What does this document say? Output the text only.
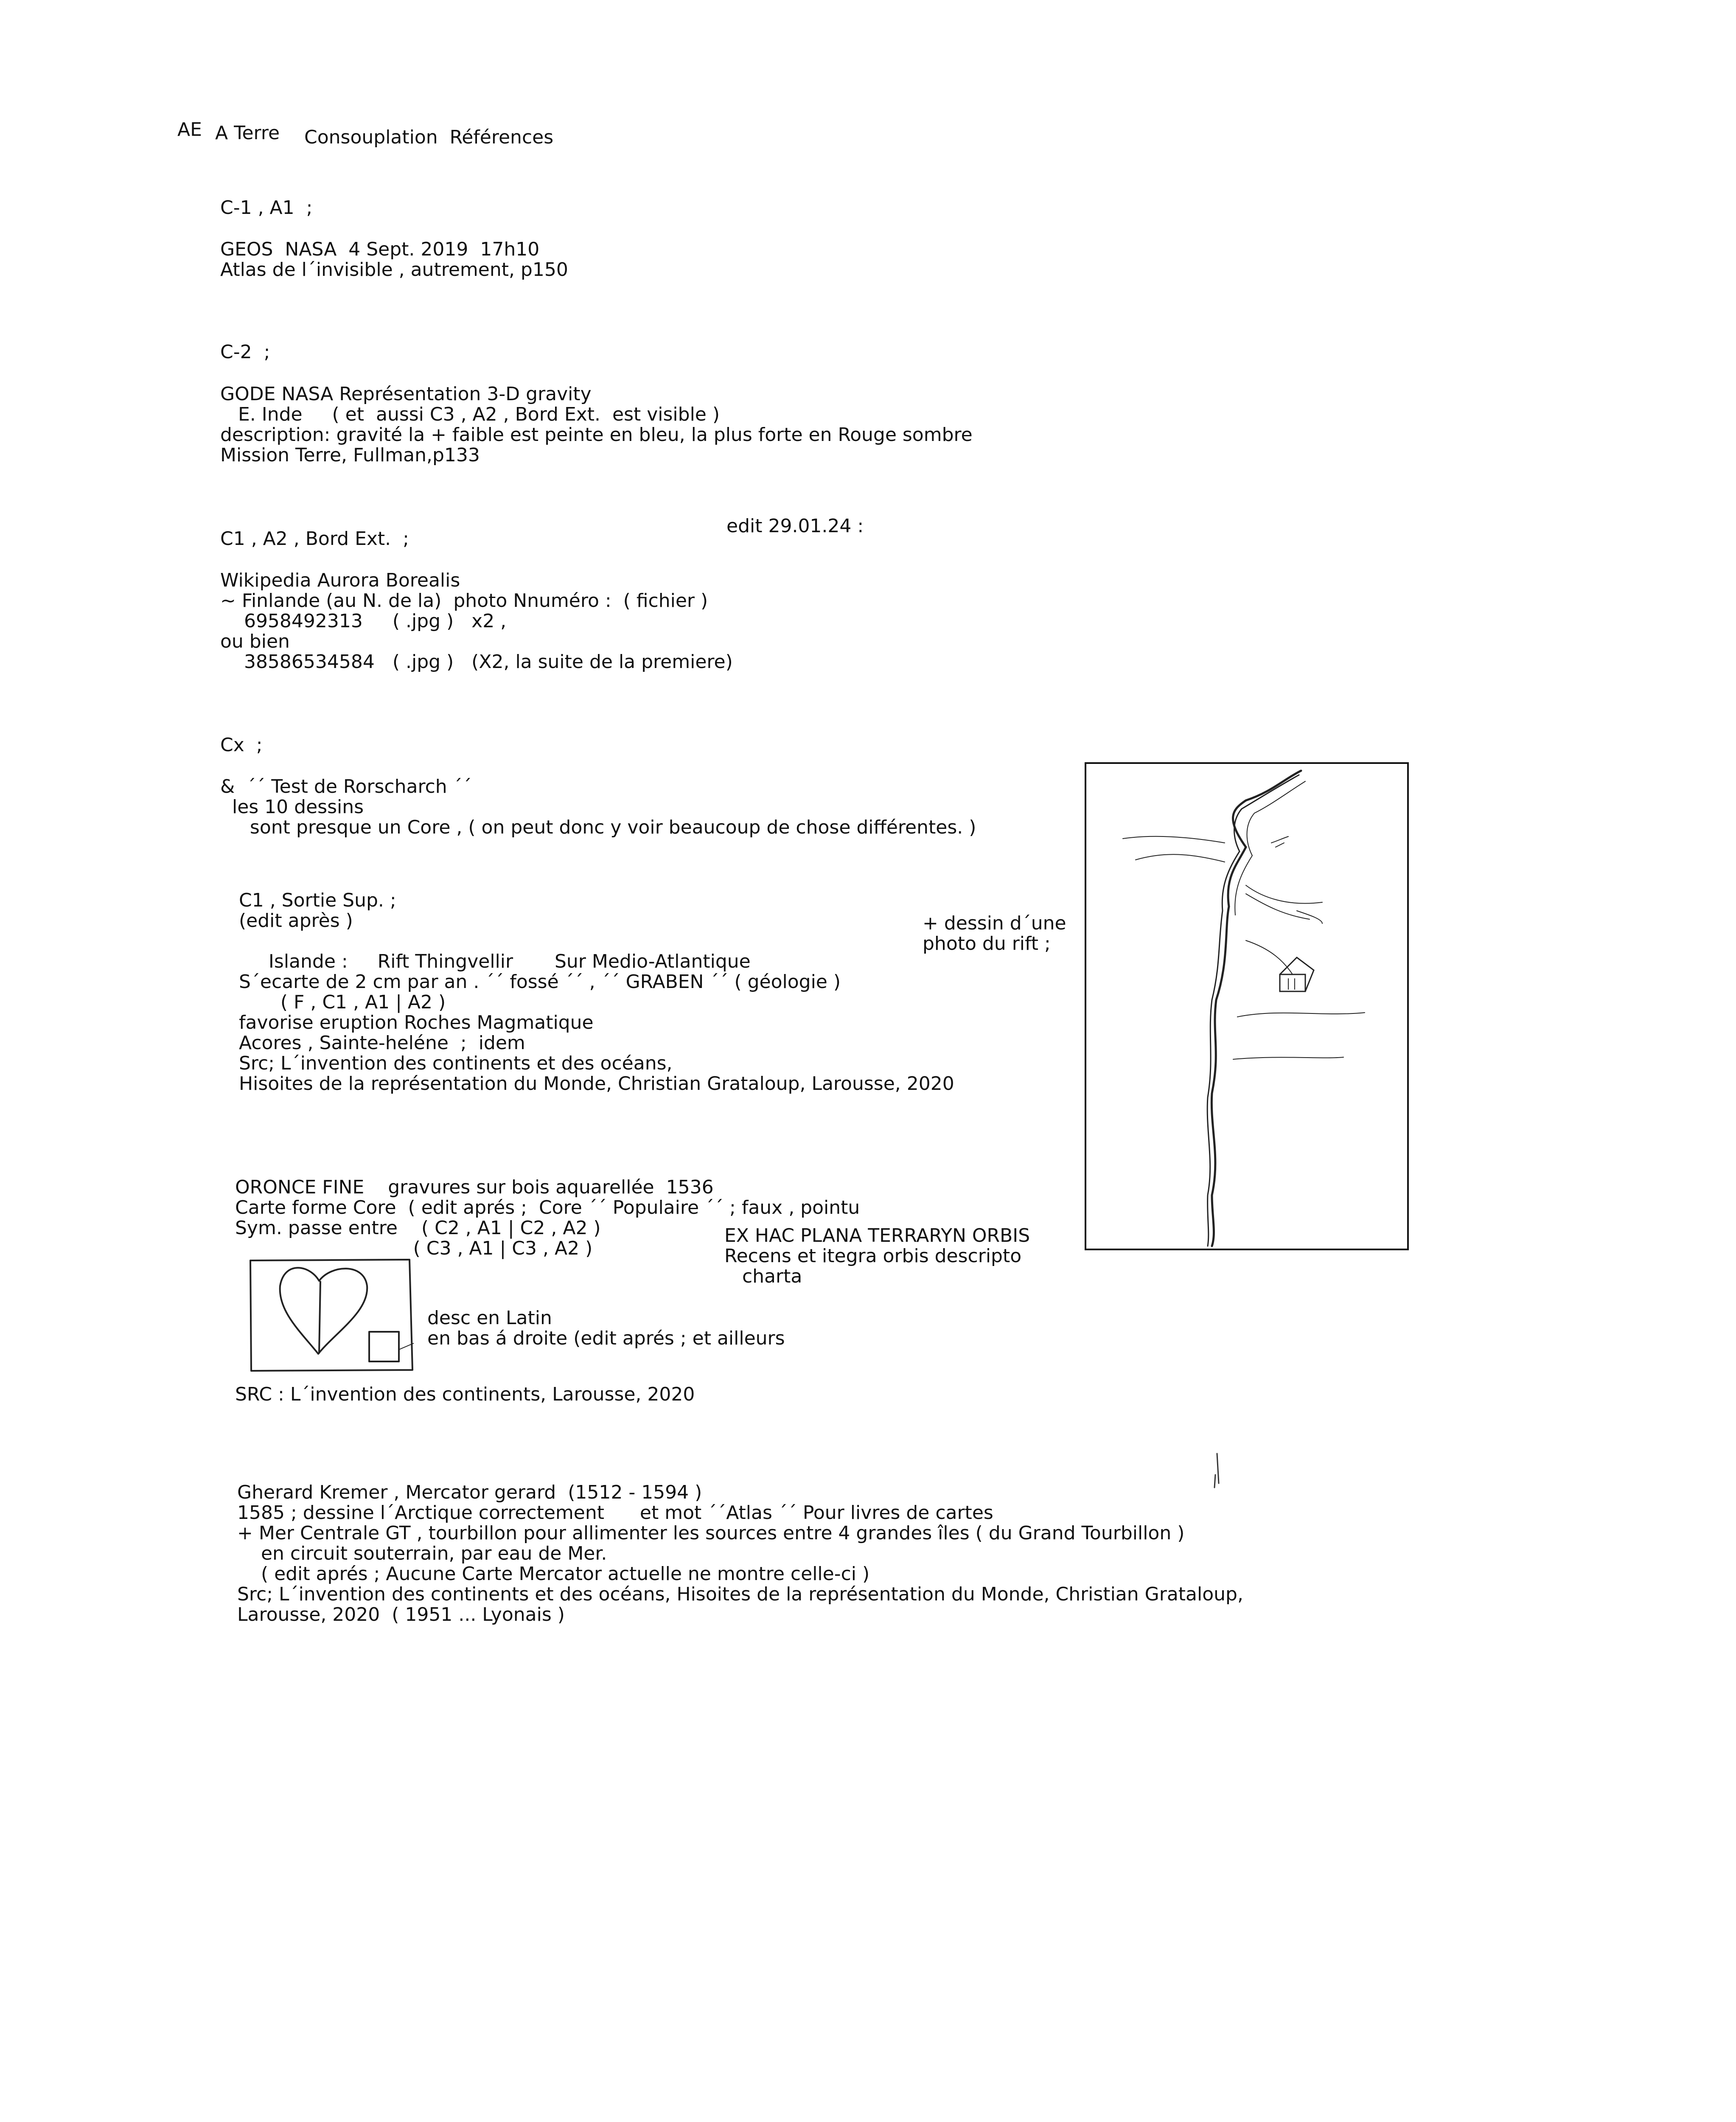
AE A Terre Consouplation  Références
C-1 , A1  ;
GEOS  NASA  4 Sept. 2019  17h10
Atlas de l´invisible , autrement, p150
C-2  ;
GODE NASA Représentation 3-D gravity
E. Inde     ( et  aussi C3 , A2 , Bord Ext.  est visible )
description: gravité la + faible est peinte en bleu, la plus forte en Rouge sombre
Mission Terre, Fullman,p133
edit 29.01.24 :
C1 , A2 , Bord Ext.  ;
Wikipedia Aurora Borealis
~ Finlande (au N. de la)  photo Nnuméro :  ( fichier )
6958492313     ( .jpg )   x2 ,
ou bien
38586534584   ( .jpg )   (X2, la suite de la premiere)
Cx  ;
&  ´´ Test de Rorscharch ´´
les 10 dessins
sont presque un Core , ( on peut donc y voir beaucoup de chose différentes. )
C1 , Sortie Sup. ;
(edit après )
Islande :     Rift Thingvellir       Sur Medio-Atlantique
S´ecarte de 2 cm par an . ´´ fossé ´´ , ´´ GRABEN ´´ ( géologie )
( F , C1 , A1 | A2 )
favorise eruption Roches Magmatique
Acores , Sainte-heléne  ;  idem
Src; L´invention des continents et des océans,
Hisoites de la représentation du Monde, Christian Grataloup, Larousse, 2020
+ dessin d´une
photo du rift ;
ORONCE FINE    gravures sur bois aquarellée  1536
Carte forme Core  ( edit aprés ;  Core ´´ Populaire ´´ ; faux , pointu
Sym. passe entre    ( C2 , A1 | C2 , A2 )
( C3 , A1 | C3 , A2 )
EX HAC PLANA TERRARYN ORBIS
Recens et itegra orbis descripto
charta
desc en Latin
en bas á droite (edit aprés ; et ailleurs
SRC : L´invention des continents, Larousse, 2020
Gherard Kremer , Mercator gerard  (1512 - 1594 )
1585 ; dessine l´Arctique correctement      et mot ´´Atlas ´´ Pour livres de cartes
+ Mer Centrale GT , tourbillon pour allimenter les sources entre 4 grandes îles ( du Grand Tourbillon )
en circuit souterrain, par eau de Mer.
( edit aprés ; Aucune Carte Mercator actuelle ne montre celle-ci )
Src; L´invention des continents et des océans, Hisoites de la représentation du Monde, Christian Grataloup,
Larousse, 2020  ( 1951 ... Lyonais )
